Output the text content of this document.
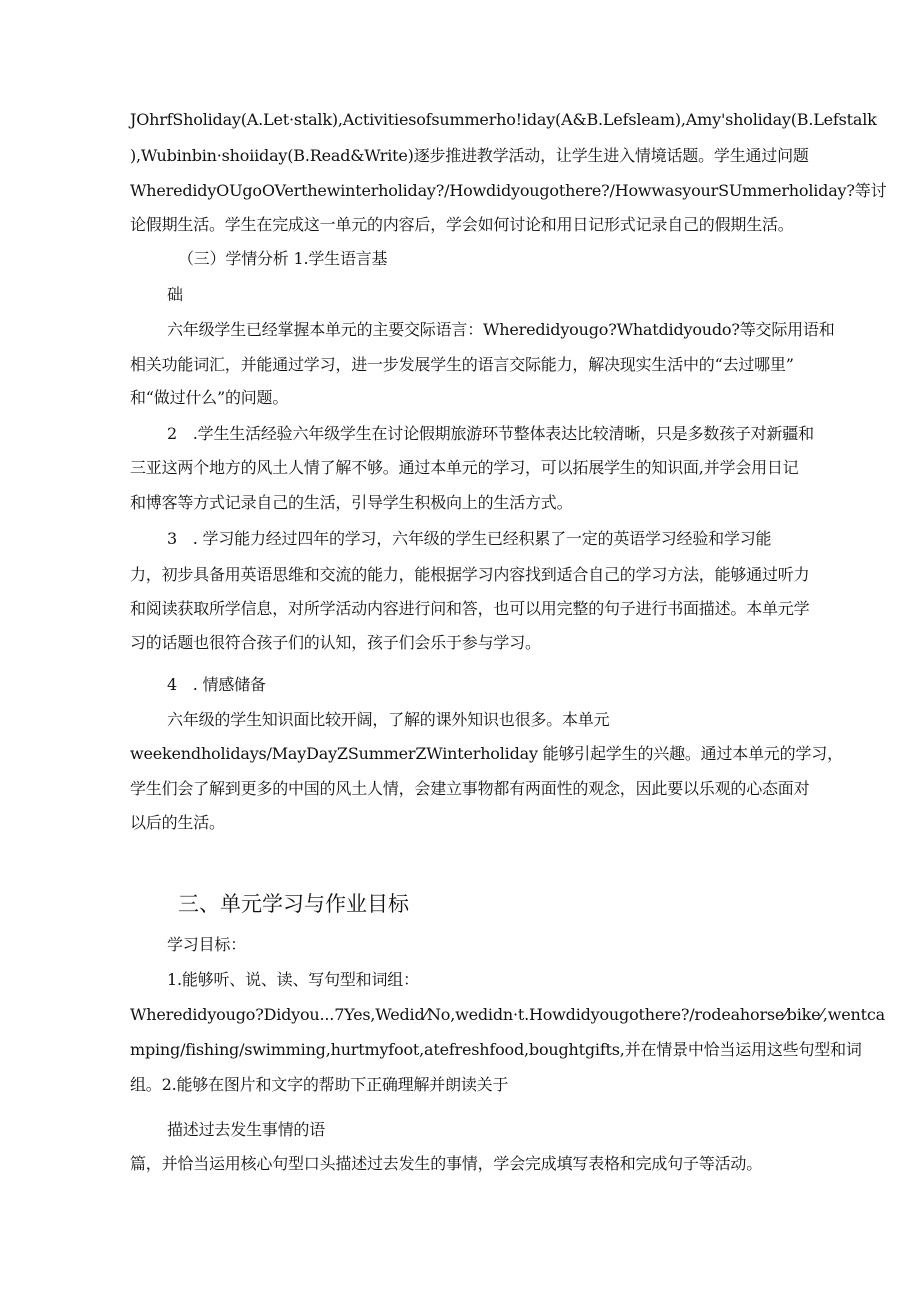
JOhrfSholiday(A.Let·stalk),Activitiesofsummerho!iday(A&B.Lefsleam),Amy'sholiday(B.Lefstalk
),Wubinbin·shoiiday(B.Read&Write)逐步推进教学活动，让学生进入情境话题。学生通过问题
WheredidyOUgoOVerthewinterholiday?/Howdidyougothere?/HowwasyourSUmmerholiday?等讨
论假期生活。学生在完成这一单元的内容后，学会如何讨论和用日记形式记录自己的假期生活。
（三）学情分析 1.学生语言基
础
六年级学生已经掌握本单元的主要交际语言：Wheredidyougo?Whatdidyoudo?等交际用语和
相关功能词汇，并能通过学习，进一步发展学生的语言交际能力，解决现实生活中的“去过哪里”
和“做过什么”的问题。
2　.学生生活经验六年级学生在讨论假期旅游环节整体表达比较清晰，只是多数孩子对新疆和
三亚这两个地方的风土人情了解不够。通过本单元的学习，可以拓展学生的知识面,并学会用日记
和博客等方式记录自己的生活，引导学生积极向上的生活方式。
3　. 学习能力经过四年的学习，六年级的学生已经积累了一定的英语学习经验和学习能
力，初步具备用英语思维和交流的能力，能根据学习内容找到适合自己的学习方法，能够通过听力
和阅读获取所学信息，对所学活动内容进行问和答，也可以用完整的句子进行书面描述。本单元学
习的话题也很符合孩子们的认知，孩子们会乐于参与学习。
4　. 情感储备
六年级的学生知识面比较开阔，了解的课外知识也很多。本单元
weekendholidays/MayDayZSummerZWinterholiday 能够引起学生的兴趣。通过本单元的学习，
学生们会了解到更多的中国的风土人情，会建立事物都有两面性的观念，因此要以乐观的心态面对
以后的生活。
三、单元学习与作业目标
学习目标：
1.能够听、说、读、写句型和词组：
Wheredidyougo?Didyou...7Yes,Wedid⁄No,wedidn·t.Howdidyougothere?/rodeahorse⁄bike⁄,wentca
mping/fishing/swimming,hurtmyfoot,atefreshfood,boughtgifts,并在情景中恰当运用这些句型和词
组。2.能够在图片和文字的帮助下正确理解并朗读关于
描述过去发生事情的语
篇，并恰当运用核心句型口头描述过去发生的事情，学会完成填写表格和完成句子等活动。
